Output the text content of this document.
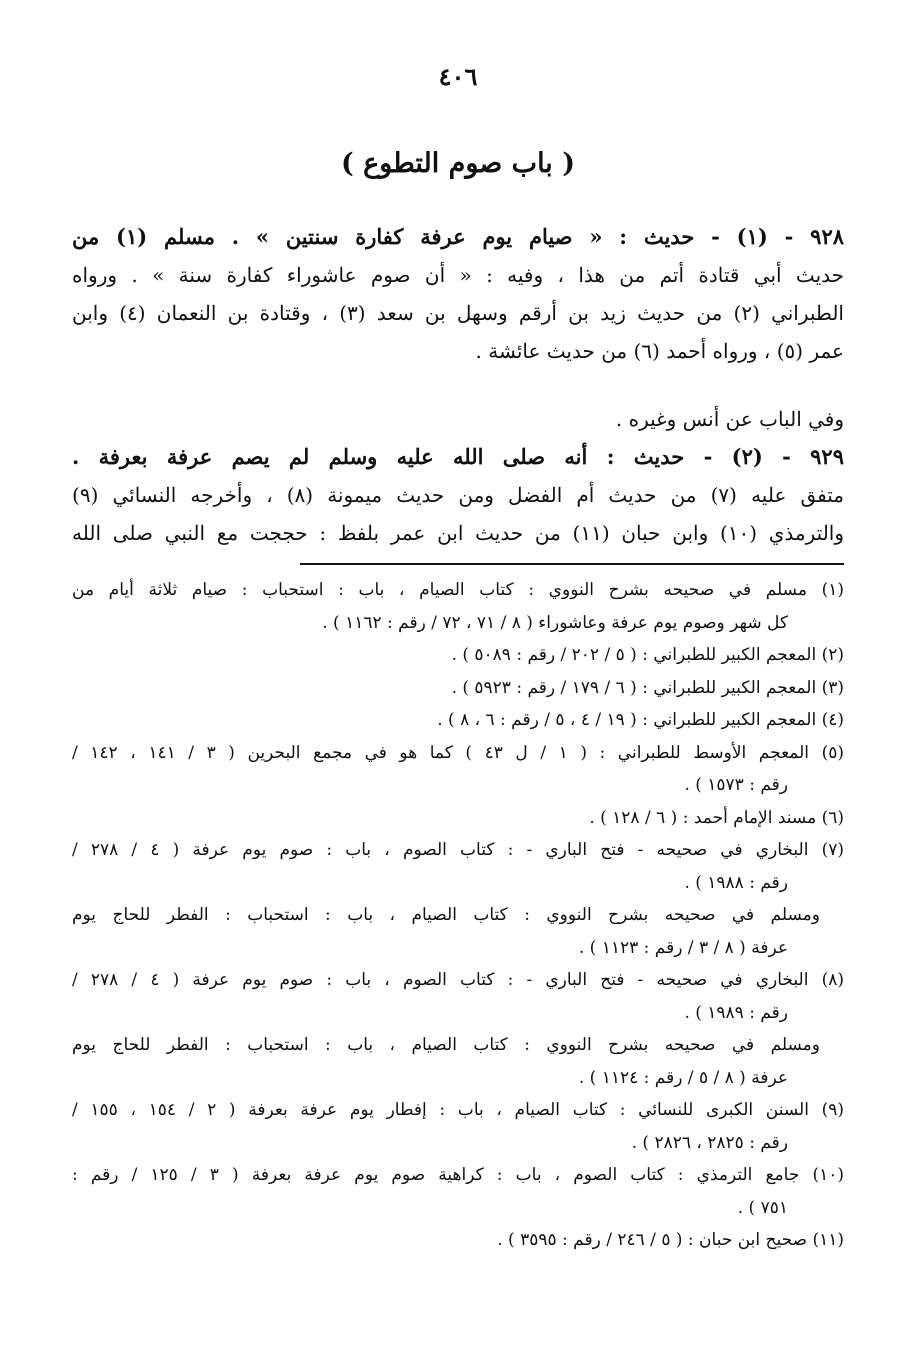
٤٠٦
( باب صوم التطوع )
٩٢٨ - (١) - حديث : « صيام يوم عرفة كفارة سنتين » . مسلم (١) من
حديث أبي قتادة أتم من هذا ، وفيه : « أن صوم عاشوراء كفارة سنة » . ورواه
الطبراني (٢) من حديث زيد بن أرقم وسهل بن سعد (٣) ، وقتادة بن النعمان (٤) وابن
عمر (٥) ، ورواه أحمد (٦) من حديث عائشة .
وفي الباب عن أنس وغيره .
٩٢٩ - (٢) - حديث : أنه صلى الله عليه وسلم لم يصم عرفة بعرفة .
متفق عليه (٧) من حديث أم الفضل ومن حديث ميمونة (٨) ، وأخرجه النسائي (٩)
والترمذي (١٠) وابن حبان (١١) من حديث ابن عمر بلفظ : حججت مع النبي صلى الله
(١) مسلم في صحيحه بشرح النووي : كتاب الصيام ، باب : استحباب : صيام ثلاثة أيام من
كل شهر وصوم يوم عرفة وعاشوراء ( ٨ / ٧١ ، ٧٢ / رقم : ١١٦٢ ) .
(٢) المعجم الكبير للطبراني : ( ٥ / ٢٠٢ / رقم : ٥٠٨٩ ) .
(٣) المعجم الكبير للطبراني : ( ٦ / ١٧٩ / رقم : ٥٩٢٣ ) .
(٤) المعجم الكبير للطبراني : ( ١٩ / ٤ ، ٥ / رقم : ٦ ، ٨ ) .
(٥) المعجم الأوسط للطبراني : ( ١ / ل ٤٣ ) كما هو في مجمع البحرين ( ٣ / ١٤١ ، ١٤٢ /
رقم : ١٥٧٣ ) .
(٦) مسند الإمام أحمد : ( ٦ / ١٢٨ ) .
(٧) البخاري في صحيحه - فتح الباري - : كتاب الصوم ، باب : صوم يوم عرفة ( ٤ / ٢٧٨ /
رقم : ١٩٨٨ ) .
ومسلم في صحيحه بشرح النووي : كتاب الصيام ، باب : استحباب : الفطر للحاج يوم
عرفة ( ٨ / ٣ / رقم : ١١٢٣ ) .
(٨) البخاري في صحيحه - فتح الباري - : كتاب الصوم ، باب : صوم يوم عرفة ( ٤ / ٢٧٨ /
رقم : ١٩٨٩ ) .
ومسلم في صحيحه بشرح النووي : كتاب الصيام ، باب : استحباب : الفطر للحاج يوم
عرفة ( ٨ / ٥ / رقم : ١١٢٤ ) .
(٩) السنن الكبرى للنسائي : كتاب الصيام ، باب : إفطار يوم عرفة بعرفة ( ٢ / ١٥٤ ، ١٥٥ /
رقم : ٢٨٢٥ ، ٢٨٢٦ ) .
(١٠) جامع الترمذي : كتاب الصوم ، باب : كراهية صوم يوم عرفة بعرفة ( ٣ / ١٢٥ / رقم :
٧٥١ ) .
(١١) صحيح ابن حبان : ( ٥ / ٢٤٦ / رقم : ٣٥٩٥ ) .
